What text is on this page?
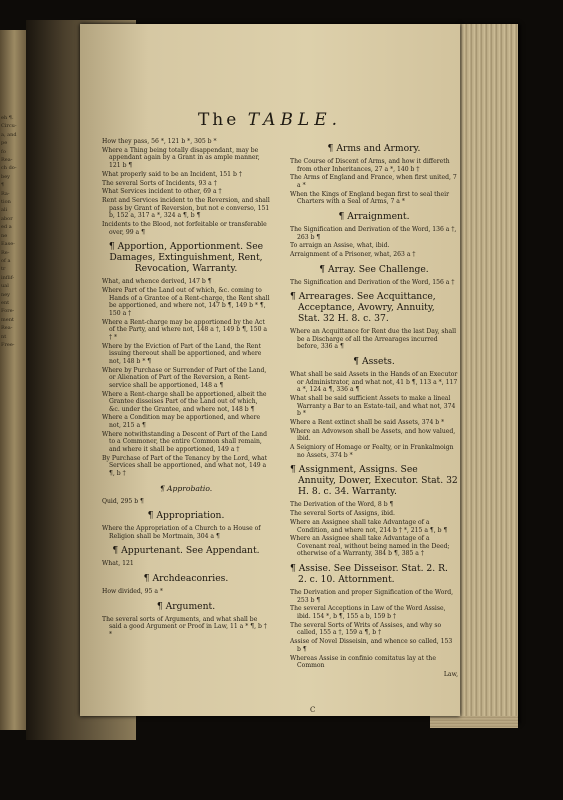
eh ¶.
Circu-
a, and
pe
fo
Rea-
ch do-
bey
¶
Ra-
tion
ali
abor
ed a
ne
Ease-
Re-
of a
tr
inflif-
ual
ney
ent
Fore-
ment
Rea-
nt
Free-
The TABLE.
How they pass, 56 *, 121 b *, 305 b *
Where a Thing being totally disappendant, may be appendant again by a Grant in as ample manner, 121 b ¶
What properly said to be an Incident, 151 b †
The several Sorts of Incidents, 93 a †
What Services incident to other, 69 a †
Rent and Services incident to the Reversion, and shall pass by Grant of Reversion, but not e converso, 151 b, 152 a, 317 a *, 324 a ¶, b ¶
Incidents to the Blood, not forfeitable or transferable over, 99 a ¶
¶ Apportion, Apportionment. See Damages, Extinguishment, Rent, Revocation, Warranty.
What, and whence derived, 147 b ¶
Where Part of the Land out of which, &c. coming to Hands of a Grantee of a Rent-charge, the Rent shall be apportioned, and where not, 147 b ¶, 149 b * ¶, 150 a †
Where a Rent-charge may be apportioned by the Act of the Party, and where not, 148 a †, 149 b ¶, 150 a † *
Where by the Eviction of Part of the Land, the Rent issuing thereout shall be apportioned, and where not, 148 b * ¶
Where by Purchase or Surrender of Part of the Land, or Alienation of Part of the Reversion, a Rent-service shall be apportioned, 148 a ¶
Where a Rent-charge shall be apportioned, albeit the Grantee disseises Part of the Land out of which, &c. under the Grantee, and where not, 148 b ¶
Where a Condition may be apportioned, and where not, 215 a ¶
Where notwithstanding a Descent of Part of the Land to a Commoner, the entire Common shall remain, and where it shall be apportioned, 149 a †
By Purchase of Part of the Tenancy by the Lord, what Services shall be apportioned, and what not, 149 a ¶, b †
¶ Approbatio.
Quid, 295 b ¶
¶ Appropriation.
Where the Appropriation of a Church to a House of Religion shall be Mortmain, 304 a ¶
¶ Appurtenant. See Appendant.
What, 121
¶ Archdeaconries.
How divided, 95 a *
¶ Argument.
The several sorts of Arguments, and what shall be said a good Argument or Proof in Law, 11 a * ¶, b † *
¶ Arms and Armory.
The Course of Discent of Arms, and how it differeth from other Inheritances, 27 a *, 140 b †
The Arms of England and France, when first united, 7 a *
When the Kings of England began first to seal their Charters with a Seal of Arms, 7 a *
¶ Arraignment.
The Signification and Derivation of the Word, 136 a †, 263 b ¶
To arraign an Assise, what, ibid.
Arraignment of a Prisoner, what, 263 a †
¶ Array. See Challenge.
The Signification and Derivation of the Word, 156 a †
¶ Arrearages. See Acquittance, Acceptance, Avowry, Annuity, Stat. 32 H. 8. c. 37.
Where an Acquittance for Rent due the last Day, shall be a Discharge of all the Arrearages incurred before, 336 a ¶
¶ Assets.
What shall be said Assets in the Hands of an Executor or Administrator, and what not, 41 b ¶, 113 a *, 117 a *, 124 a ¶, 336 a ¶
What shall be said sufficient Assets to make a lineal Warranty a Bar to an Estate-tail, and what not, 374 b *
Where a Rent extinct shall be said Assets, 374 b *
Where an Advowson shall be Assets, and how valued, ibid.
A Seigniory of Homage or Fealty, or in Frankalmoign no Assets, 374 b *
¶ Assignment, Assigns. See Annuity, Dower, Executor. Stat. 32 H. 8. c. 34. Warranty.
The Derivation of the Word, 8 b ¶
The several Sorts of Assigns, ibid.
Where an Assignee shall take Advantage of a Condition, and where not, 214 b † *, 215 a ¶, b ¶
Where an Assignee shall take Advantage of a Covenant real, without being named in the Deed; otherwise of a Warranty, 384 b ¶, 385 a †
¶ Assise. See Disseisor. Stat. 2. R. 2. c. 10. Attornment.
The Derivation and proper Signification of the Word, 253 b ¶
The several Acceptions in Law of the Word Assise, ibid. 154 *, b ¶, 155 a b, 159 b †
The several Sorts of Writs of Assises, and why so called, 155 a †, 159 a ¶, b †
Assise of Novel Disseisin, and whence so called, 153 b ¶
Whereas Assise in confinio comitatus lay at the Common
Law,
C
